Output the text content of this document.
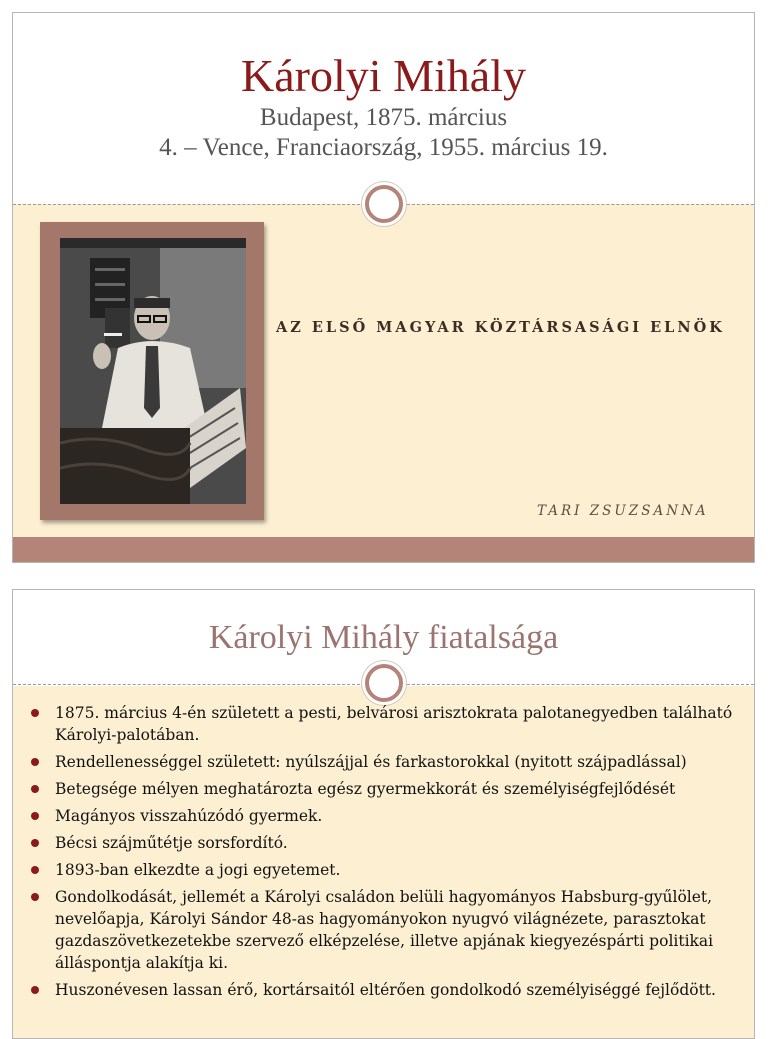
Károlyi Mihály
Budapest, 1875. március
4. – Vence, Franciaország, 1955. március 19.
AZ ELSŐ MAGYAR KÖZTÁRSASÁGI ELNÖK
TARI ZSUZSANNA
Károlyi Mihály fiatalsága
1875. március 4-én született a pesti, belvárosi arisztokrata palotanegyedben található Károlyi-palotában.
Rendellenességgel született: nyúlszájjal és farkastorokkal (nyitott szájpadlással)
Betegsége mélyen meghatározta egész gyermekkorát és személyiségfejlődését
Magányos visszahúzódó gyermek.
Bécsi szájműtétje sorsfordító.
1893-ban elkezdte a jogi egyetemet.
Gondolkodását, jellemét a Károlyi családon belüli hagyományos Habsburg-gyűlölet, nevelőapja, Károlyi Sándor 48-as hagyományokon nyugvó világnézete, parasztokat gazdaszövetkezetekbe szervező elképzelése, illetve apjának kiegyezéspárti politikai álláspontja alakítja ki.
Huszonévesen lassan érő, kortársaitól eltérően gondolkodó személyiséggé fejlődött.
